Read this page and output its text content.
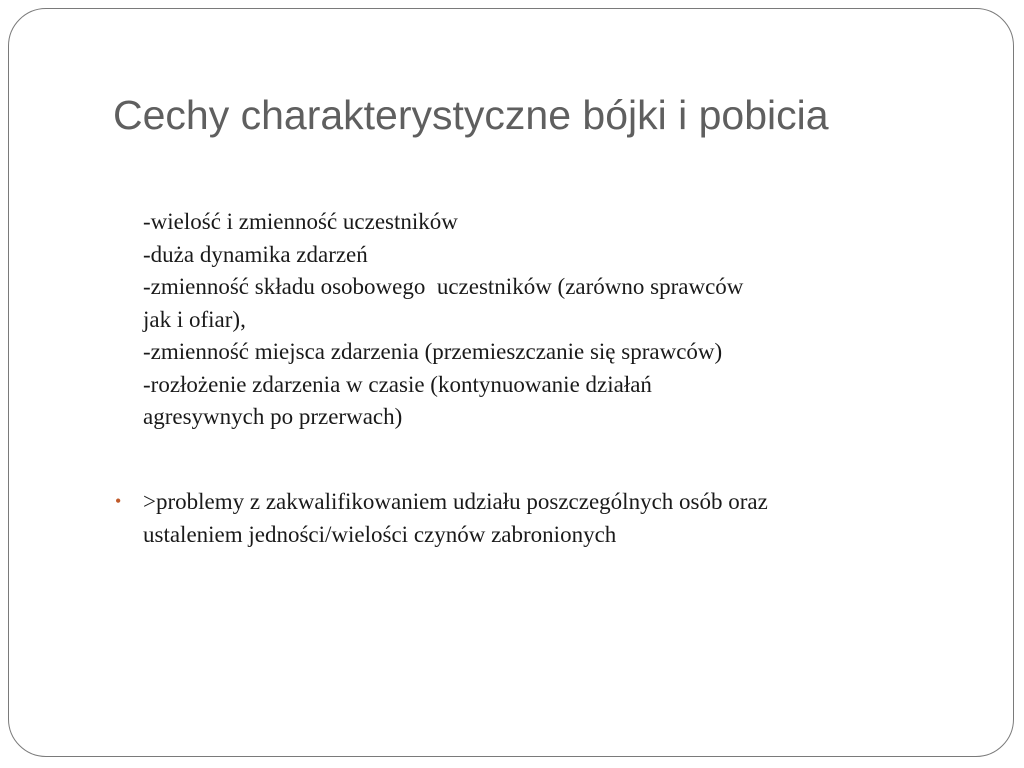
Cechy charakterystyczne bójki i pobicia
-wielość i zmienność uczestników
-duża dynamika zdarzeń
-zmienność składu osobowego  uczestników (zarówno sprawców
jak i ofiar),
-zmienność miejsca zdarzenia (przemieszczanie się sprawców)
-rozłożenie zdarzenia w czasie (kontynuowanie działań
agresywnych po przerwach)
• >problemy z zakwalifikowaniem udziału poszczególnych osób oraz
ustaleniem jedności/wielości czynów zabronionych
